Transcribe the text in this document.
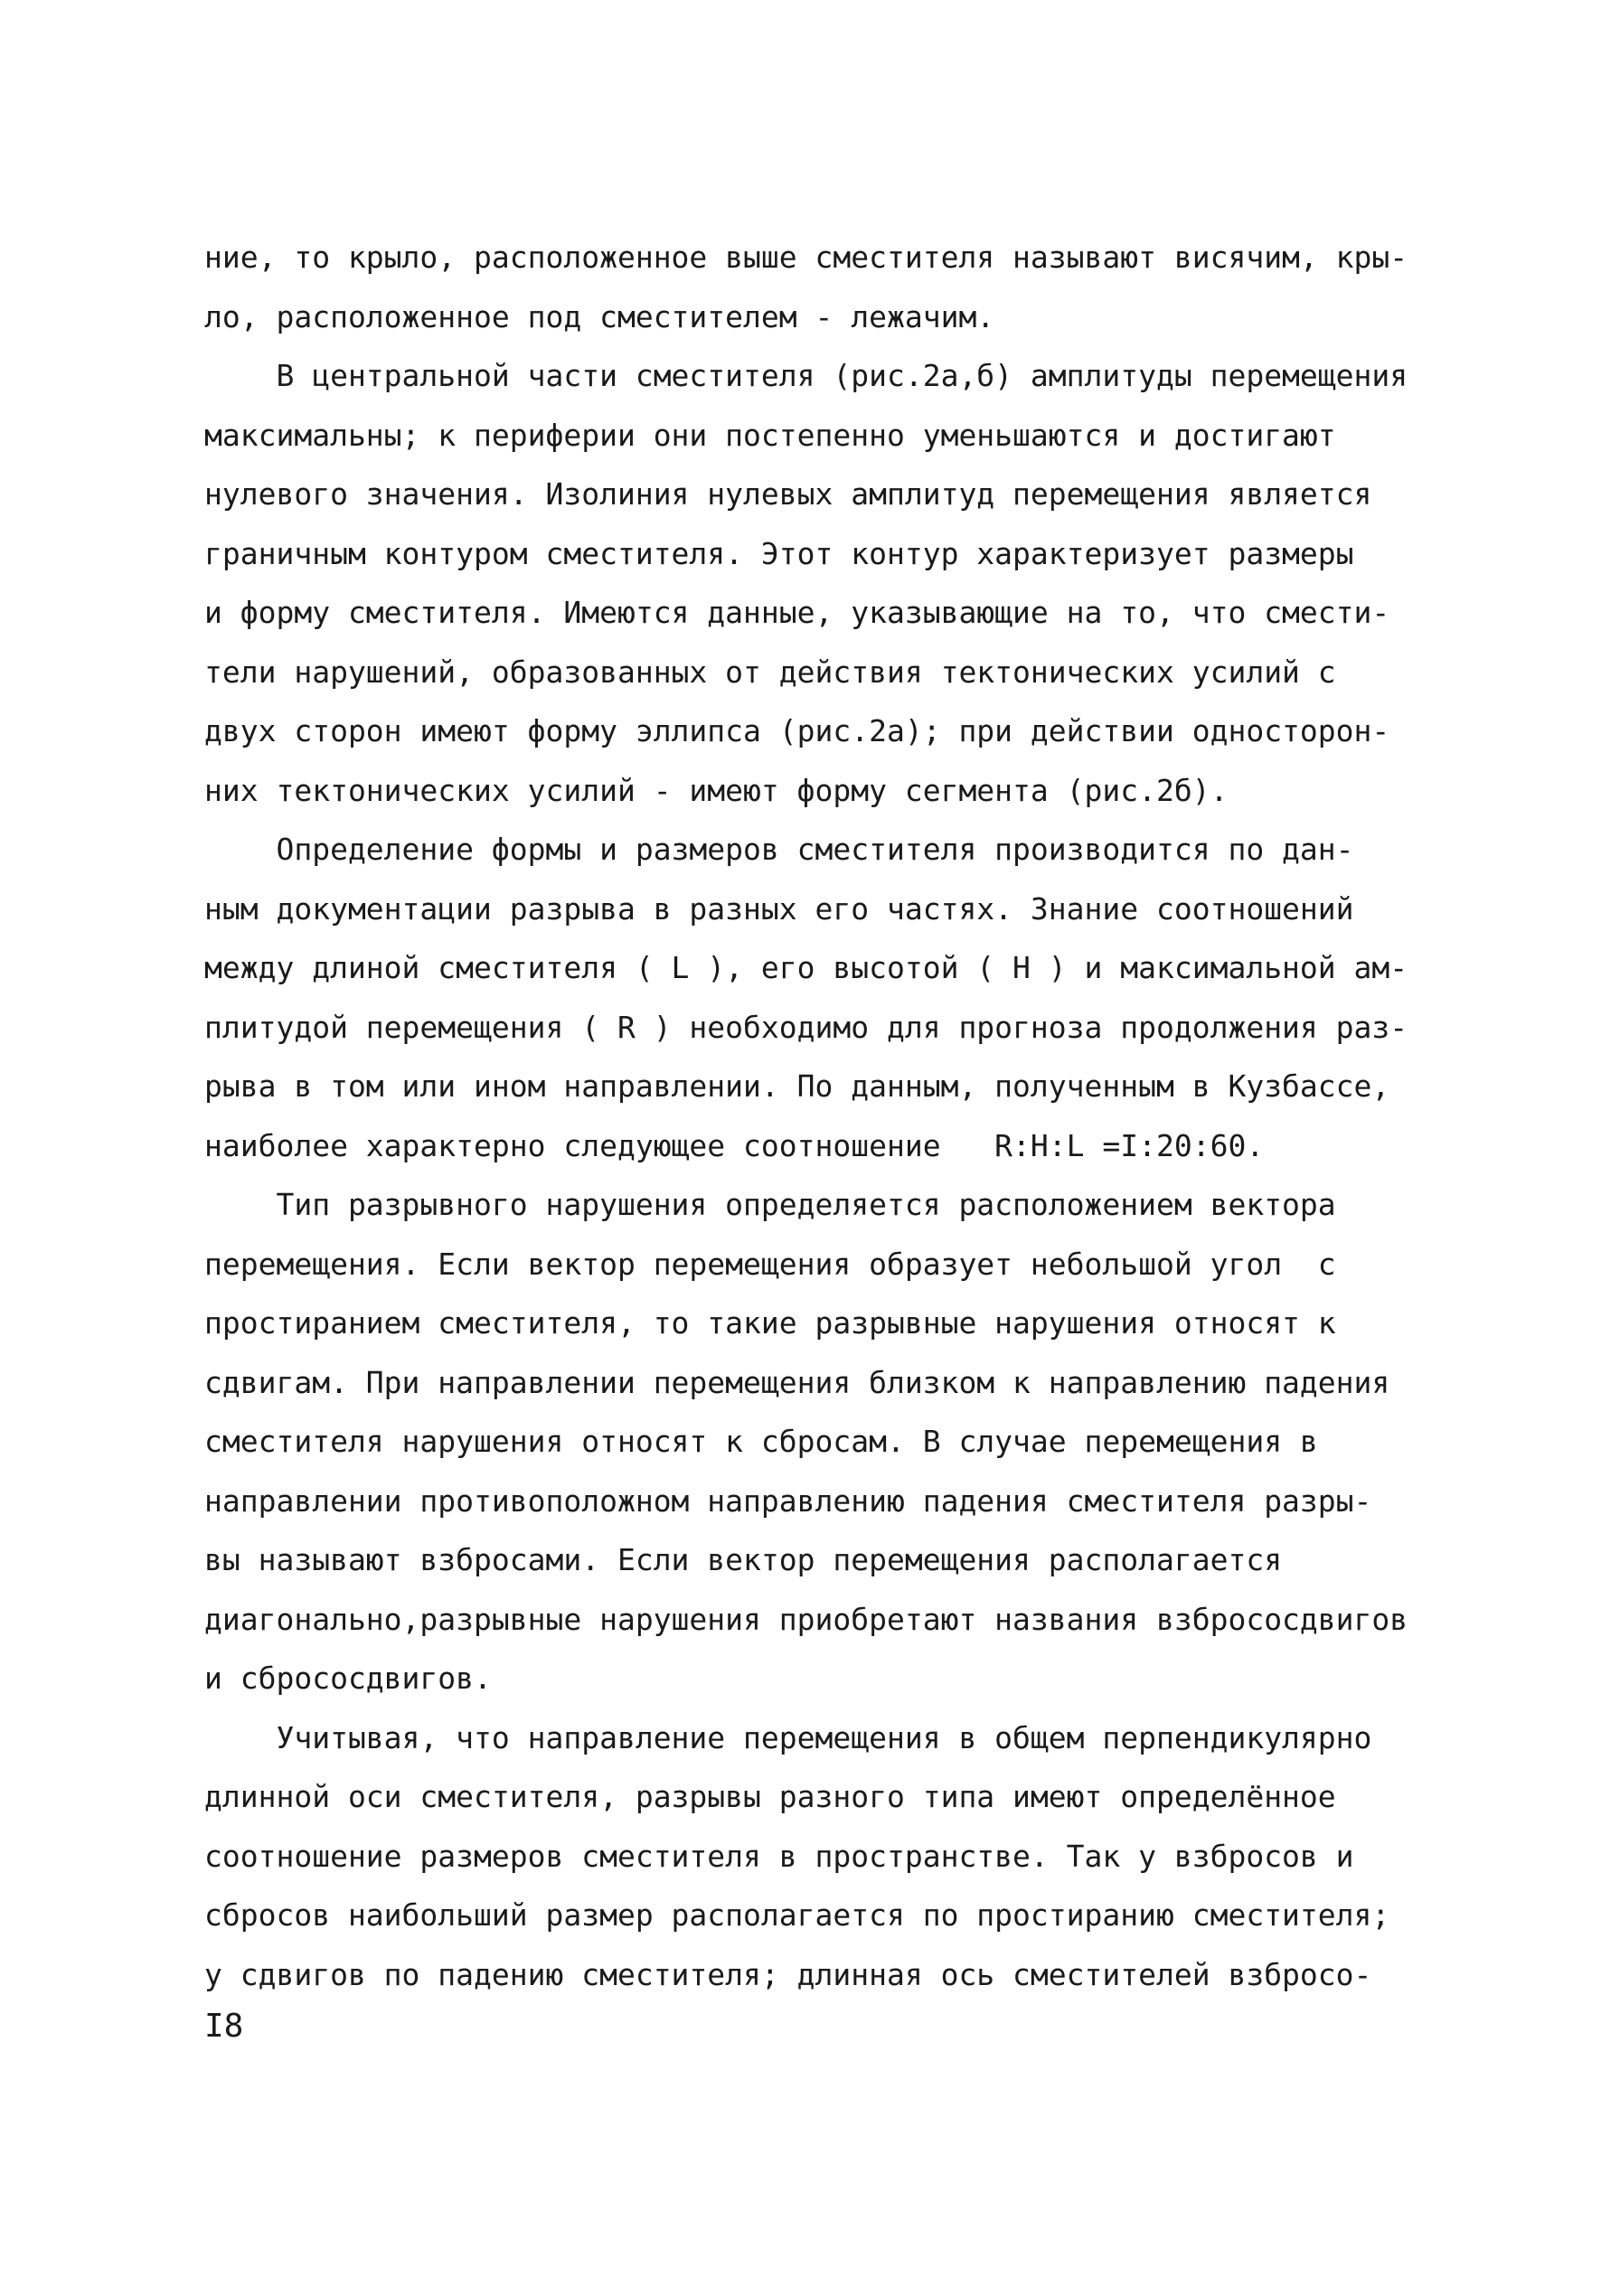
ние, то крыло, расположенное выше сместителя называют висячим, кры-
ло, расположенное под сместителем - лежачим.
В центральной части сместителя (рис.2а,б) амплитуды перемещения
максимальны; к периферии они постепенно уменьшаются и достигают
нулевого значения. Изолиния нулевых амплитуд перемещения является
граничным контуром сместителя. Этот контур характеризует размеры
и форму сместителя. Имеются данные, указывающие на то, что смести-
тели нарушений, образованных от действия тектонических усилий с
двух сторон имеют форму эллипса (рис.2а); при действии односторон-
них тектонических усилий - имеют форму сегмента (рис.2б).
Определение формы и размеров сместителя производится по дан-
ным документации разрыва в разных его частях. Знание соотношений
между длиной сместителя ( L ), его высотой ( H ) и максимальной ам-
плитудой перемещения ( R ) необходимо для прогноза продолжения раз-
рыва в том или ином направлении. По данным, полученным в Кузбассе,
наиболее характерно следующее соотношение   R:H:L =I:20:60.
Тип разрывного нарушения определяется расположением вектора
перемещения. Если вектор перемещения образует небольшой угол  с
простиранием сместителя, то такие разрывные нарушения относят к
сдвигам. При направлении перемещения близком к направлению падения
сместителя нарушения относят к сбросам. В случае перемещения в
направлении противоположном направлению падения сместителя разры-
вы называют взбросами. Если вектор перемещения располагается
диагонально,разрывные нарушения приобретают названия взбрососдвигов
и сбрососдвигов.
Учитывая, что направление перемещения в общем перпендикулярно
длинной оси сместителя, разрывы разного типа имеют определённое
соотношение размеров сместителя в пространстве. Так у взбросов и
сбросов наибольший размер располагается по простиранию сместителя;
у сдвигов по падению сместителя; длинная ось сместителей взбросо-
I8
